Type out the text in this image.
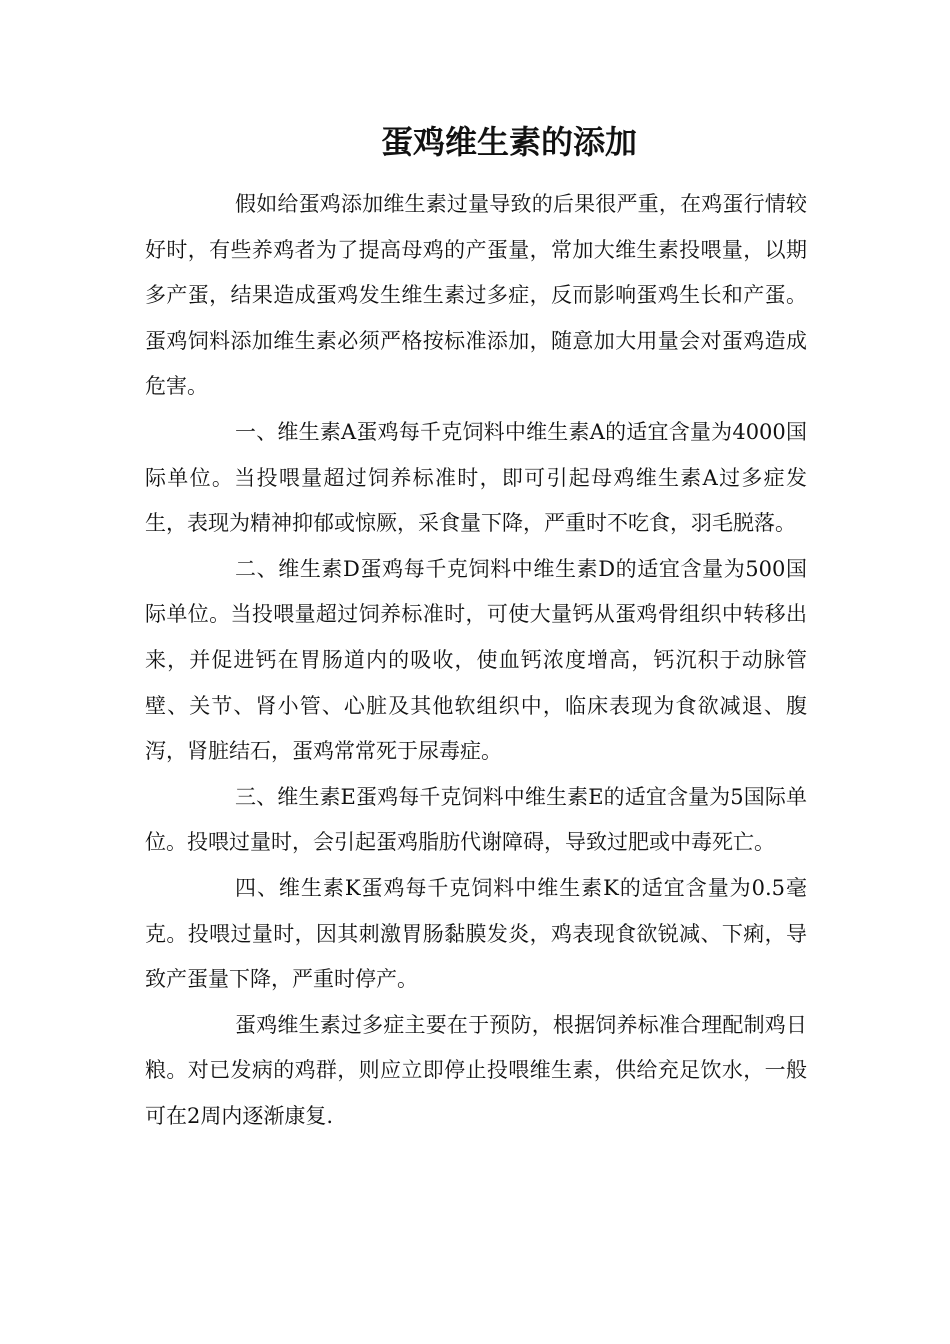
蛋鸡维生素的添加

假如给蛋鸡添加维生素过量导致的后果很严重，在鸡蛋行情较好时，有些养鸡者为了提高母鸡的产蛋量，常加大维生素投喂量，以期多产蛋，结果造成蛋鸡发生维生素过多症，反而影响蛋鸡生长和产蛋。蛋鸡饲料添加维生素必须严格按标准添加，随意加大用量会对蛋鸡造成危害。

一、维生素A蛋鸡每千克饲料中维生素A的适宜含量为4000国际单位。当投喂量超过饲养标准时，即可引起母鸡维生素A过多症发生，表现为精神抑郁或惊厥，采食量下降，严重时不吃食，羽毛脱落。

二、维生素D蛋鸡每千克饲料中维生素D的适宜含量为500国际单位。当投喂量超过饲养标准时，可使大量钙从蛋鸡骨组织中转移出来，并促进钙在胃肠道内的吸收，使血钙浓度增高，钙沉积于动脉管壁、关节、肾小管、心脏及其他软组织中，临床表现为食欲减退、腹泻，肾脏结石，蛋鸡常常死于尿毒症。

三、维生素E蛋鸡每千克饲料中维生素E的适宜含量为5国际单位。投喂过量时，会引起蛋鸡脂肪代谢障碍，导致过肥或中毒死亡。

四、维生素K蛋鸡每千克饲料中维生素K的适宜含量为0.5毫克。投喂过量时，因其刺激胃肠黏膜发炎，鸡表现食欲锐减、下痢，导致产蛋量下降，严重时停产。

蛋鸡维生素过多症主要在于预防，根据饲养标准合理配制鸡日粮。对已发病的鸡群，则应立即停止投喂维生素，供给充足饮水，一般可在2周内逐渐康复.
